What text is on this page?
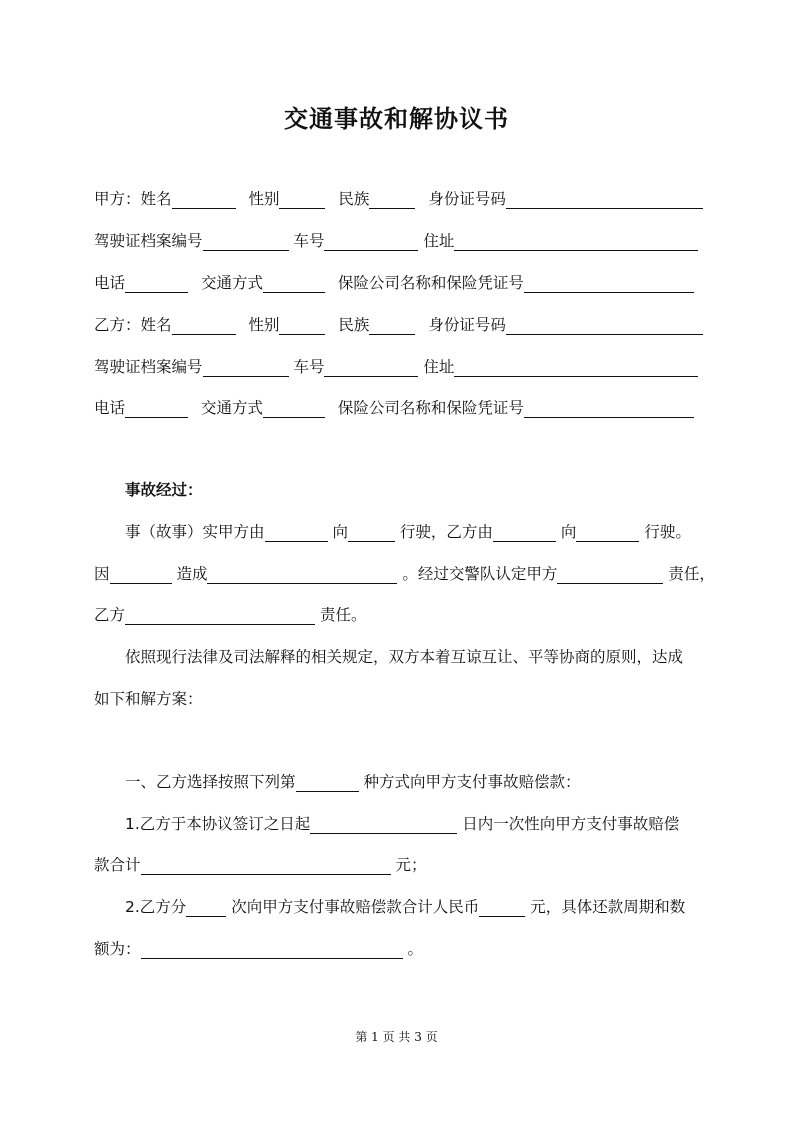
交通事故和解协议书
甲方：姓名	性别	民族	身份证号码
驾驶证档案编号	车号	住址
电话	交通方式	保险公司名称和保险凭证号
乙方：姓名	性别	民族	身份证号码
驾驶证档案编号	车号	住址
电话	交通方式	保险公司名称和保险凭证号
事故经过：
事（故事）实甲方由	向	行驶，乙方由	向	行驶。
因	造成	。经过交警队认定甲方	责任，
乙方	责任。
依照现行法律及司法解释的相关规定，双方本着互谅互让、平等协商的原则，达成
如下和解方案：
一、乙方选择按照下列第	种方式向甲方支付事故赔偿款：
1.乙方于本协议签订之日起	日内一次性向甲方支付事故赔偿
款合计	元；
2.乙方分	次向甲方支付事故赔偿款合计人民币	元，具体还款周期和数
额为：	。
第 1 页 共 3 页
